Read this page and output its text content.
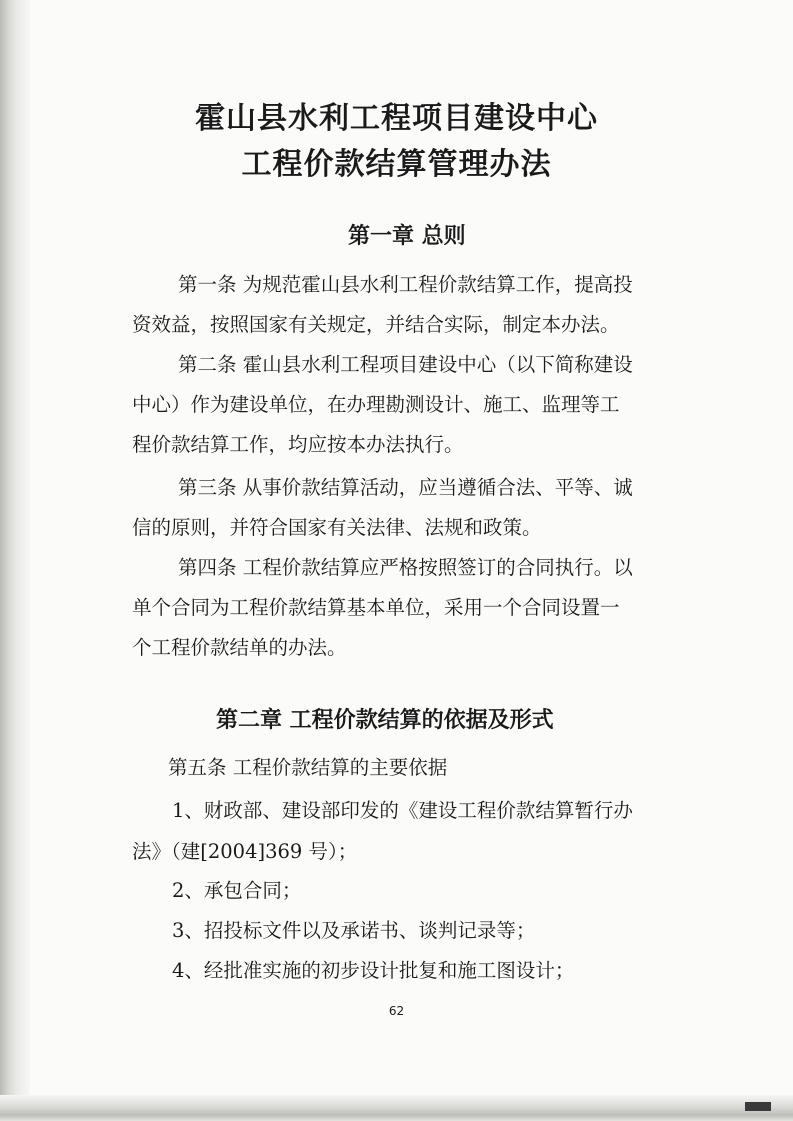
霍山县水利工程项目建设中心
工程价款结算管理办法
第一章 总则

第一条 为规范霍山县水利工程价款结算工作，提高投

资效益，按照国家有关规定，并结合实际，制定本办法。

第二条 霍山县水利工程项目建设中心（以下简称建设

中心）作为建设单位，在办理勘测设计、施工、监理等工

程价款结算工作，均应按本办法执行。

第三条 从事价款结算活动，应当遵循合法、平等、诚

信的原则，并符合国家有关法律、法规和政策。

第四条 工程价款结算应严格按照签订的合同执行。以

单个合同为工程价款结算基本单位，采用一个合同设置一

个工程价款结单的办法。

第二章 工程价款结算的依据及形式

第五条 工程价款结算的主要依据

1、财政部、建设部印发的《建设工程价款结算暂行办

法》（建[2004]369 号）；

2、承包合同；

3、招投标文件以及承诺书、谈判记录等；

4、经批准实施的初步设计批复和施工图设计；

62
